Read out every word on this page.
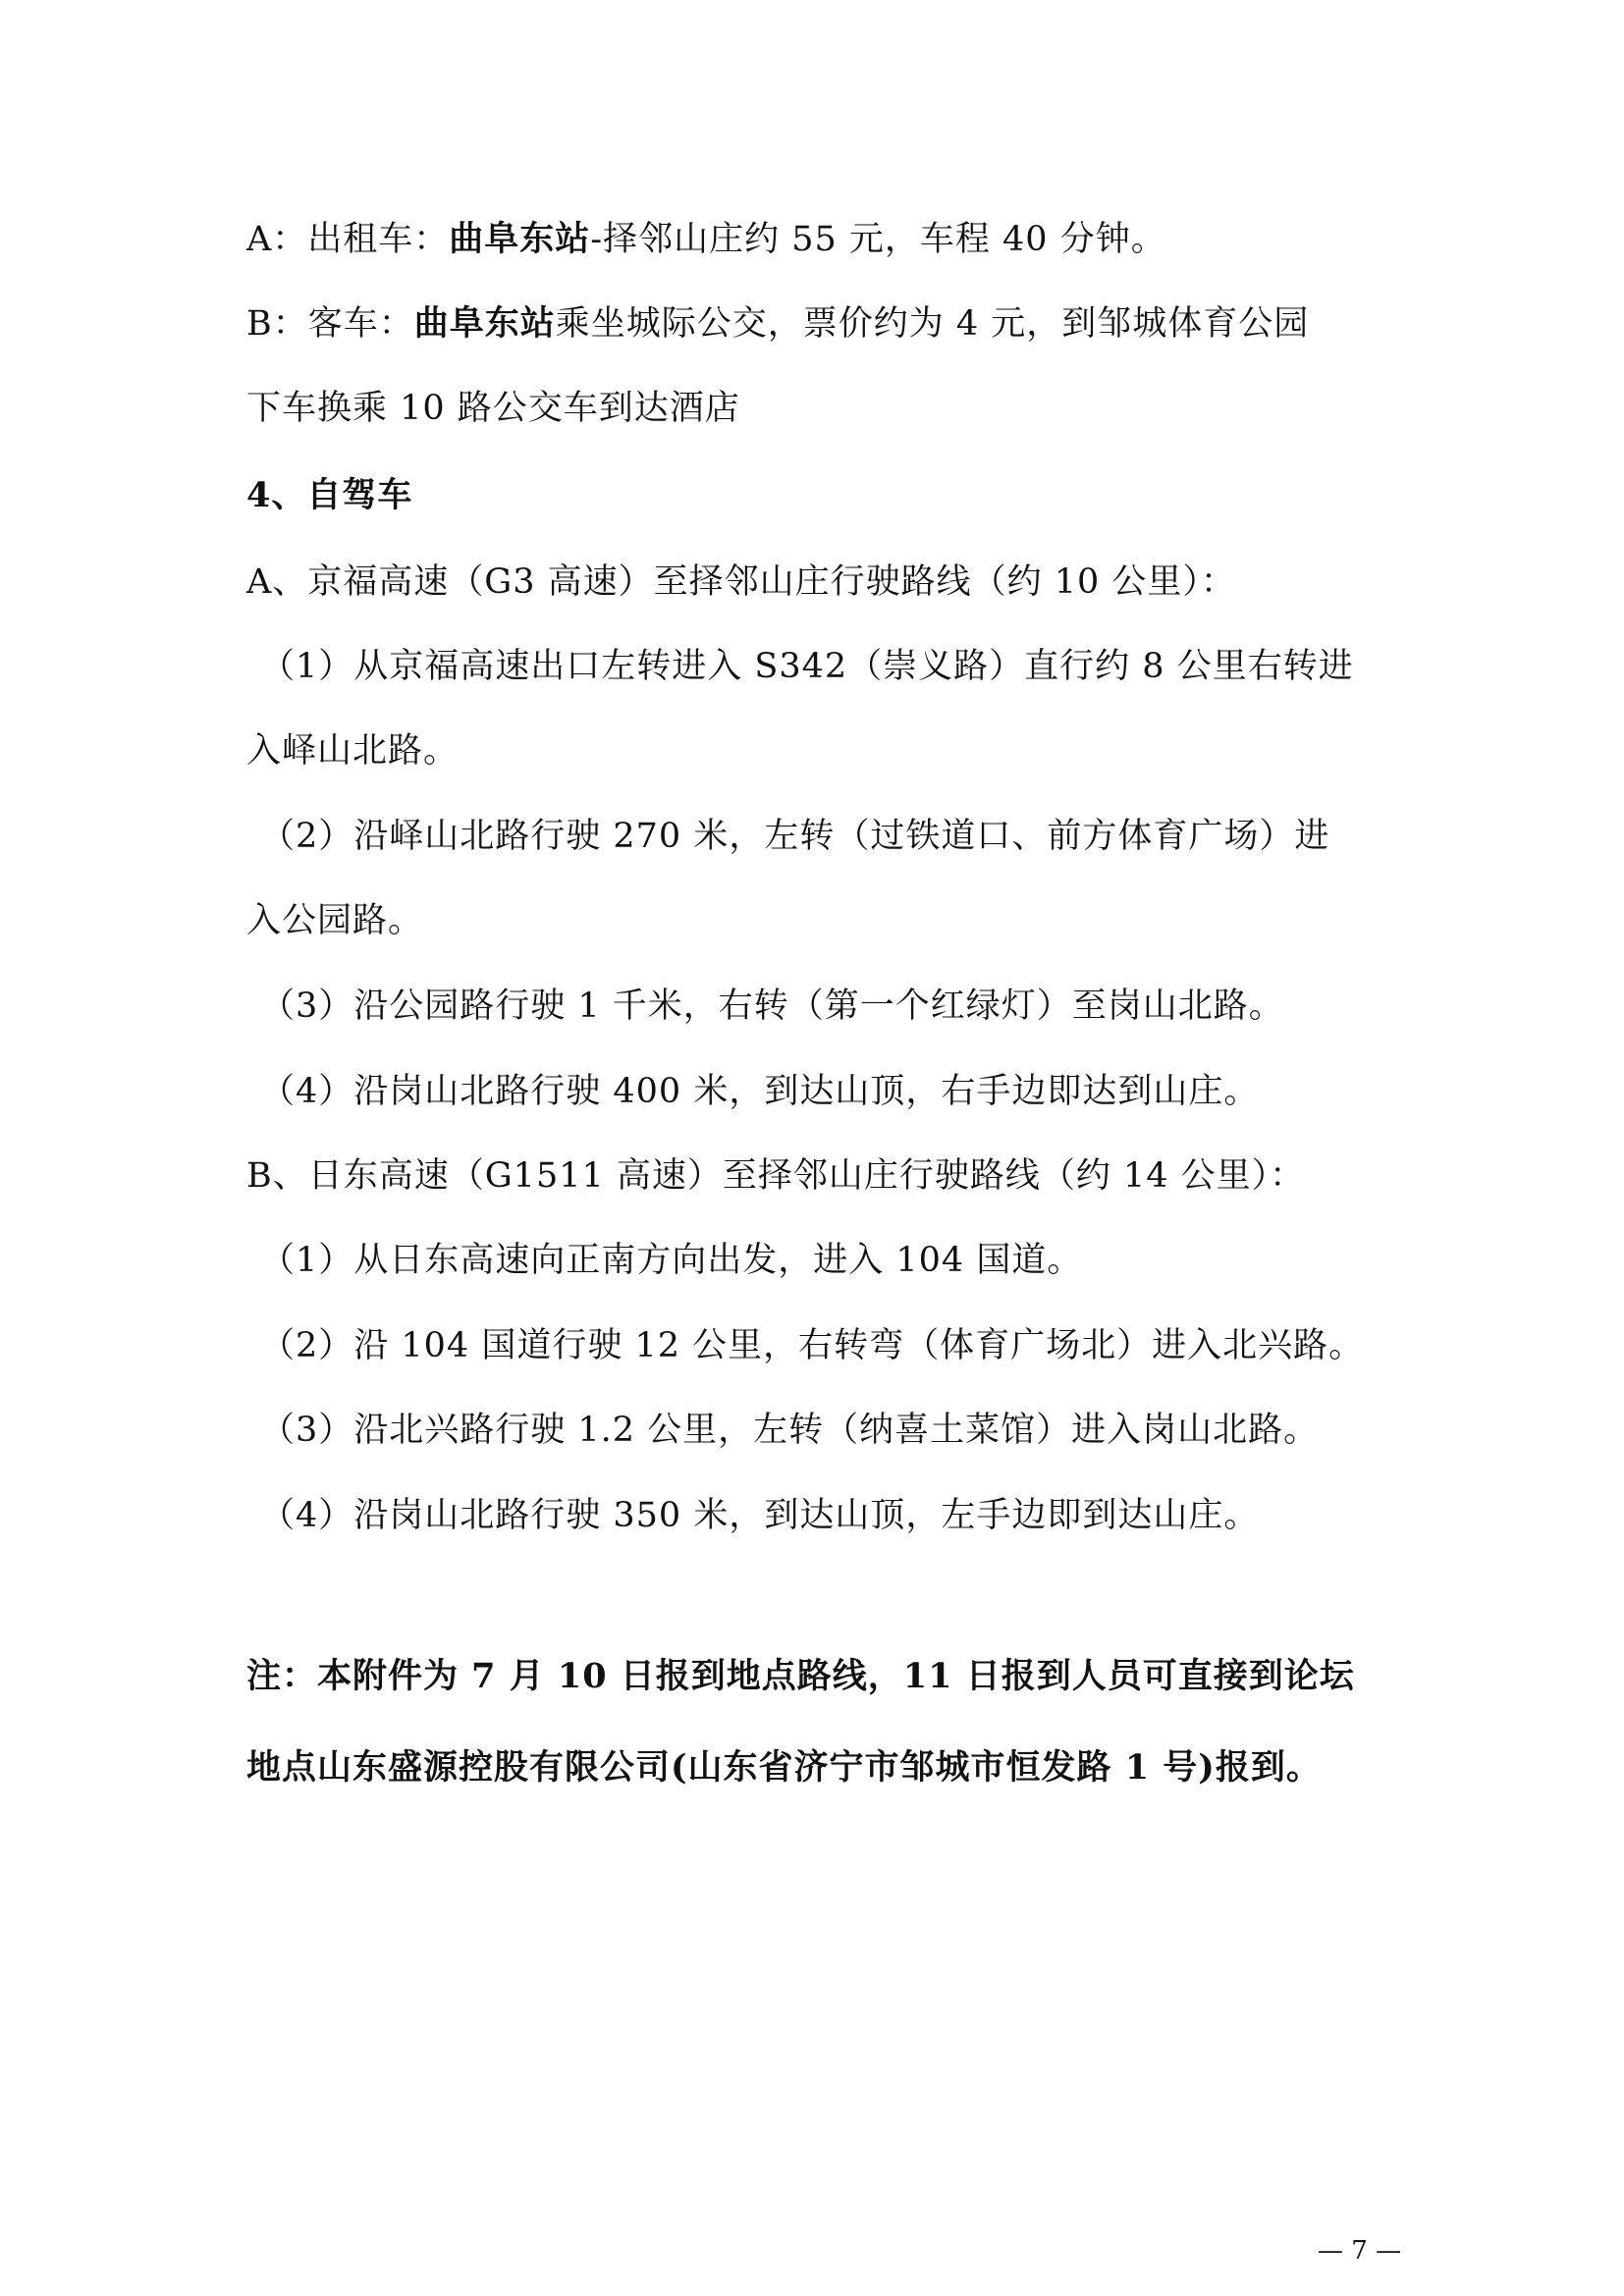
A：出租车：曲阜东站-择邻山庄约 55 元，车程 40 分钟。
B：客车：曲阜东站乘坐城际公交，票价约为 4 元，到邹城体育公园
下车换乘 10 路公交车到达酒店
4、自驾车
A、京福高速（G3 高速）至择邻山庄行驶路线（约 10 公里）：
（1）从京福高速出口左转进入 S342（崇义路）直行约 8 公里右转进
入峄山北路。
（2）沿峄山北路行驶 270 米，左转（过铁道口、前方体育广场）进
入公园路。
（3）沿公园路行驶 1 千米，右转（第一个红绿灯）至岗山北路。
（4）沿岗山北路行驶 400 米，到达山顶，右手边即达到山庄。
B、日东高速（G1511 高速）至择邻山庄行驶路线（约 14 公里）：
（1）从日东高速向正南方向出发，进入 104 国道。
（2）沿 104 国道行驶 12 公里，右转弯（体育广场北）进入北兴路。
（3）沿北兴路行驶 1.2 公里，左转（纳喜土菜馆）进入岗山北路。
（4）沿岗山北路行驶 350 米，到达山顶，左手边即到达山庄。
注：本附件为 7 月 10 日报到地点路线，11 日报到人员可直接到论坛
地点山东盛源控股有限公司(山东省济宁市邹城市恒发路 1 号)报到。
— 7 —
